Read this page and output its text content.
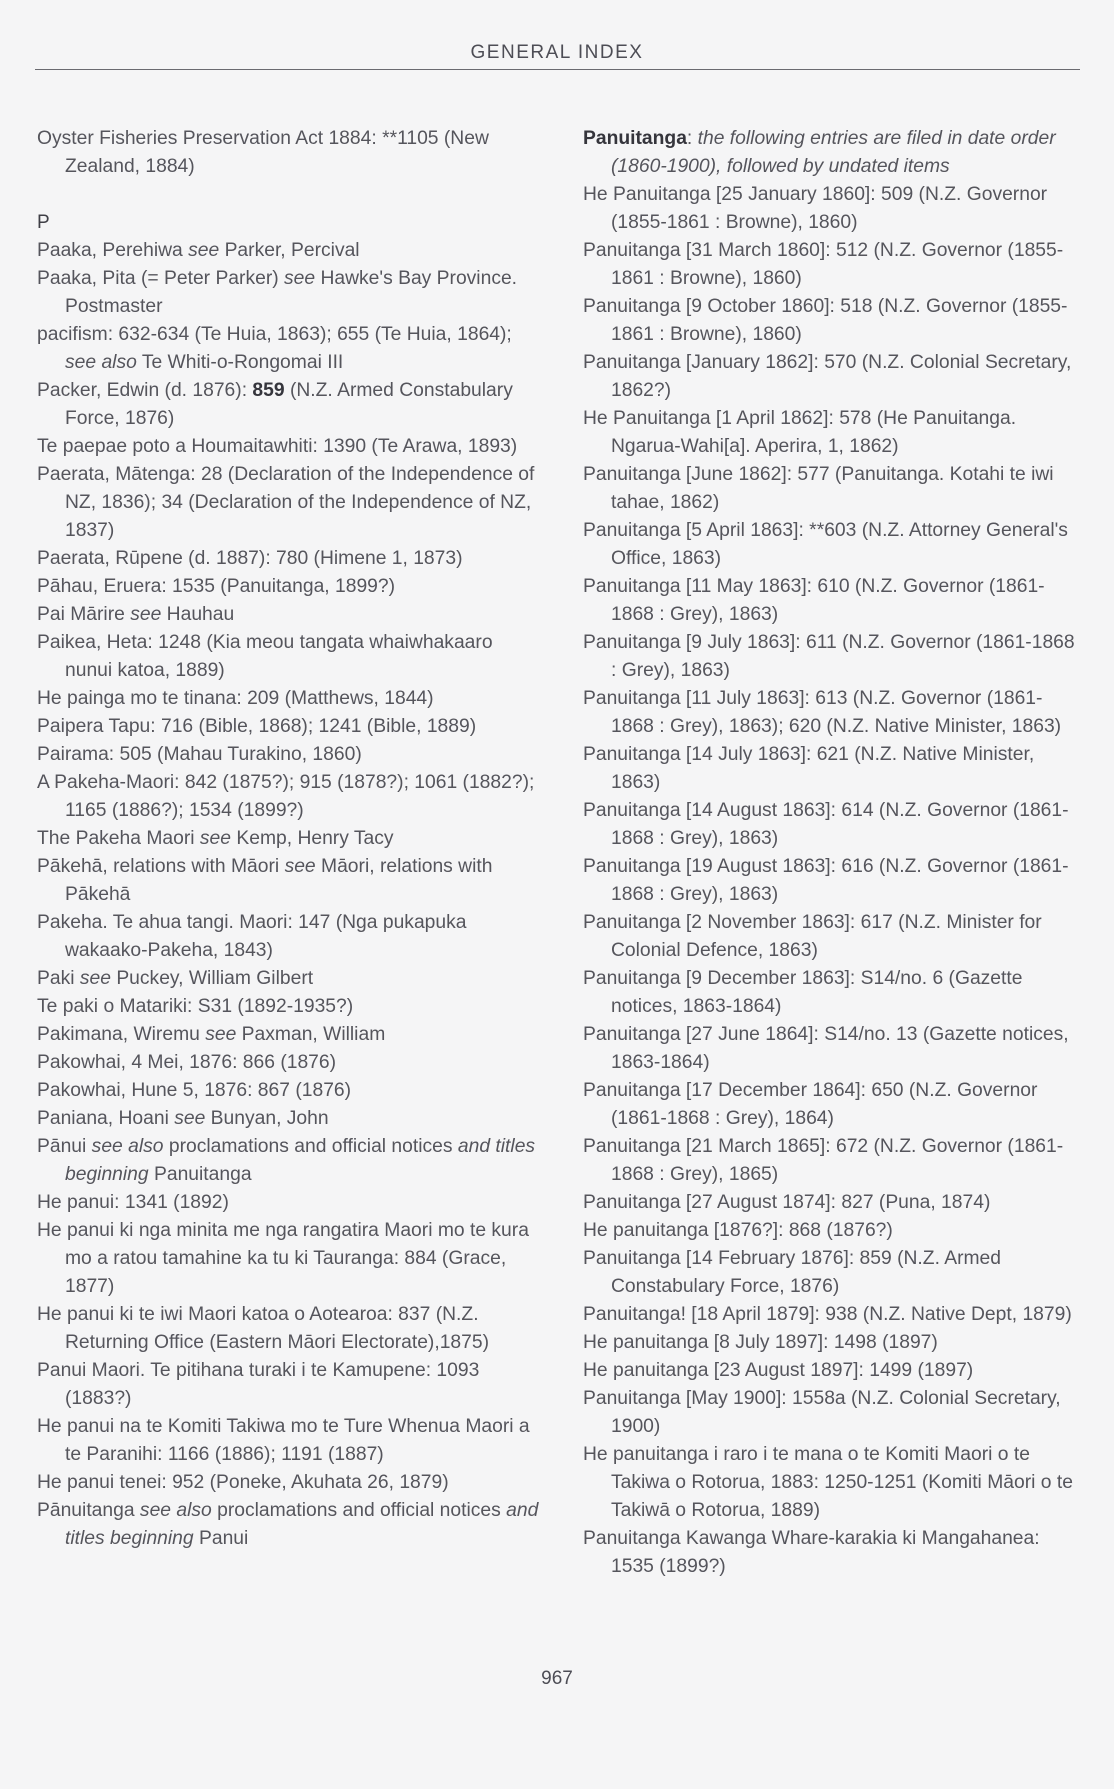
GENERAL INDEX
Oyster Fisheries Preservation Act 1884: **1105 (New Zealand, 1884)
P
Paaka, Perehiwa see Parker, Percival
Paaka, Pita (= Peter Parker) see Hawke's Bay Province. Postmaster
pacifism: 632-634 (Te Huia, 1863); 655 (Te Huia, 1864); see also Te Whiti-o-Rongomai III
Packer, Edwin (d. 1876): 859 (N.Z. Armed Constabulary Force, 1876)
Te paepae poto a Houmaitawhiti: 1390 (Te Arawa, 1893)
Paerata, Mātenga: 28 (Declaration of the Independence of NZ, 1836); 34 (Declaration of the Independence of NZ, 1837)
Paerata, Rūpene (d. 1887): 780 (Himene 1, 1873)
Pāhau, Eruera: 1535 (Panuitanga, 1899?)
Pai Mārire see Hauhau
Paikea, Heta: 1248 (Kia meou tangata whaiwhakaaro nunui katoa, 1889)
He painga mo te tinana: 209 (Matthews, 1844)
Paipera Tapu: 716 (Bible, 1868); 1241 (Bible, 1889)
Pairama: 505 (Mahau Turakino, 1860)
A Pakeha-Maori: 842 (1875?); 915 (1878?); 1061 (1882?); 1165 (1886?); 1534 (1899?)
The Pakeha Maori see Kemp, Henry Tacy
Pākehā, relations with Māori see Māori, relations with Pākehā
Pakeha. Te ahua tangi. Maori: 147 (Nga pukapuka wakaako-Pakeha, 1843)
Paki see Puckey, William Gilbert
Te paki o Matariki: S31 (1892-1935?)
Pakimana, Wiremu see Paxman, William
Pakowhai, 4 Mei, 1876: 866 (1876)
Pakowhai, Hune 5, 1876: 867 (1876)
Paniana, Hoani see Bunyan, John
Pānui see also proclamations and official notices and titles beginning Panuitanga
He panui: 1341 (1892)
He panui ki nga minita me nga rangatira Maori mo te kura mo a ratou tamahine ka tu ki Tauranga: 884 (Grace, 1877)
He panui ki te iwi Maori katoa o Aotearoa: 837 (N.Z. Returning Office (Eastern Māori Electorate),1875)
Panui Maori. Te pitihana turaki i te Kamupene: 1093 (1883?)
He panui na te Komiti Takiwa mo te Ture Whenua Maori a te Paranihi: 1166 (1886); 1191 (1887)
He panui tenei: 952 (Poneke, Akuhata 26, 1879)
Pānuitanga see also proclamations and official notices and titles beginning Panui
Panuitanga: the following entries are filed in date order (1860-1900), followed by undated items
He Panuitanga [25 January 1860]: 509 (N.Z. Governor (1855-1861 : Browne), 1860)
Panuitanga [31 March 1860]: 512 (N.Z. Governor (1855-1861 : Browne), 1860)
Panuitanga [9 October 1860]: 518 (N.Z. Governor (1855-1861 : Browne), 1860)
Panuitanga [January 1862]: 570 (N.Z. Colonial Secretary, 1862?)
He Panuitanga [1 April 1862]: 578 (He Panuitanga. Ngarua-Wahi[a]. Aperira, 1, 1862)
Panuitanga [June 1862]: 577 (Panuitanga. Kotahi te iwi tahae, 1862)
Panuitanga [5 April 1863]: **603 (N.Z. Attorney General's Office, 1863)
Panuitanga [11 May 1863]: 610 (N.Z. Governor (1861-1868 : Grey), 1863)
Panuitanga [9 July 1863]: 611 (N.Z. Governor (1861-1868 : Grey), 1863)
Panuitanga [11 July 1863]: 613 (N.Z. Governor (1861-1868 : Grey), 1863); 620 (N.Z. Native Minister, 1863)
Panuitanga [14 July 1863]: 621 (N.Z. Native Minister, 1863)
Panuitanga [14 August 1863]: 614 (N.Z. Governor (1861-1868 : Grey), 1863)
Panuitanga [19 August 1863]: 616 (N.Z. Governor (1861-1868 : Grey), 1863)
Panuitanga [2 November 1863]: 617 (N.Z. Minister for Colonial Defence, 1863)
Panuitanga [9 December 1863]: S14/no. 6 (Gazette notices, 1863-1864)
Panuitanga [27 June 1864]: S14/no. 13 (Gazette notices, 1863-1864)
Panuitanga [17 December 1864]: 650 (N.Z. Governor (1861-1868 : Grey), 1864)
Panuitanga [21 March 1865]: 672 (N.Z. Governor (1861-1868 : Grey), 1865)
Panuitanga [27 August 1874]: 827 (Puna, 1874)
He panuitanga [1876?]: 868 (1876?)
Panuitanga [14 February 1876]: 859 (N.Z. Armed Constabulary Force, 1876)
Panuitanga! [18 April 1879]: 938 (N.Z. Native Dept, 1879)
He panuitanga [8 July 1897]: 1498 (1897)
He panuitanga [23 August 1897]: 1499 (1897)
Panuitanga [May 1900]: 1558a (N.Z. Colonial Secretary, 1900)
He panuitanga i raro i te mana o te Komiti Maori o te Takiwa o Rotorua, 1883: 1250-1251 (Komiti Māori o te Takiwā o Rotorua, 1889)
Panuitanga Kawanga Whare-karakia ki Mangahanea: 1535 (1899?)
967
